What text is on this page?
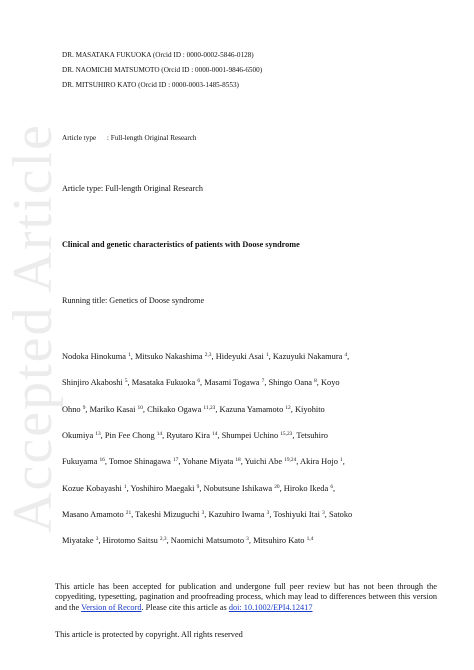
Accepted Article
DR. MASATAKA FUKUOKA (Orcid ID : 0000-0002-5846-0128)
DR. NAOMICHI MATSUMOTO (Orcid ID : 0000-0001-9846-6500)
DR. MITSUHIRO KATO (Orcid ID : 0000-0003-1485-8553)
Article type      : Full-length Original Research
Article type: Full-length Original Research
Clinical and genetic characteristics of patients with Doose syndrome
Running title: Genetics of Doose syndrome
Nodoka Hinokuma $^1$, Mitsuko Nakashima $^{2,3}$, Hideyuki Asai $^1$, Kazuyuki Nakamura $^4$,
Shinjiro Akaboshi $^5$, Masataka Fukuoka $^6$, Masami Togawa $^7$, Shingo Oana $^8$, Koyo
Ohno $^9$, Mariko Kasai $^{10}$, Chikako Ogawa $^{11,23}$, Kazuna Yamamoto $^{12}$, Kiyohito
Okumiya $^{13}$, Pin Fee Chong $^{14}$, Ryutaro Kira $^{14}$, Shumpei Uchino $^{15,23}$, Tetsuhiro
Fukuyama $^{16}$, Tomoe Shinagawa $^{17}$, Yohane Miyata $^{18}$, Yuichi Abe $^{19,24}$, Akira Hojo $^1$,
Kozue Kobayashi $^1$, Yoshihiro Maegaki $^9$, Nobutsune Ishikawa $^{20}$, Hiroko Ikeda $^6$,
Masano Amamoto $^{21}$, Takeshi Mizuguchi $^3$, Kazuhiro Iwama $^3$, Toshiyuki Itai $^3$, Satoko
Miyatake $^3$, Hirotomo Saitsu $^{2,3}$, Naomichi Matsumoto $^3$, Mitsuhiro Kato $^{1,4}$
This article has been accepted for publication and undergone full peer review but has not been through the copyediting, typesetting, pagination and proofreading process, which may lead to differences between this version and the Version of Record. Please cite this article as doi: 10.1002/EPI4.12417
This article is protected by copyright. All rights reserved
